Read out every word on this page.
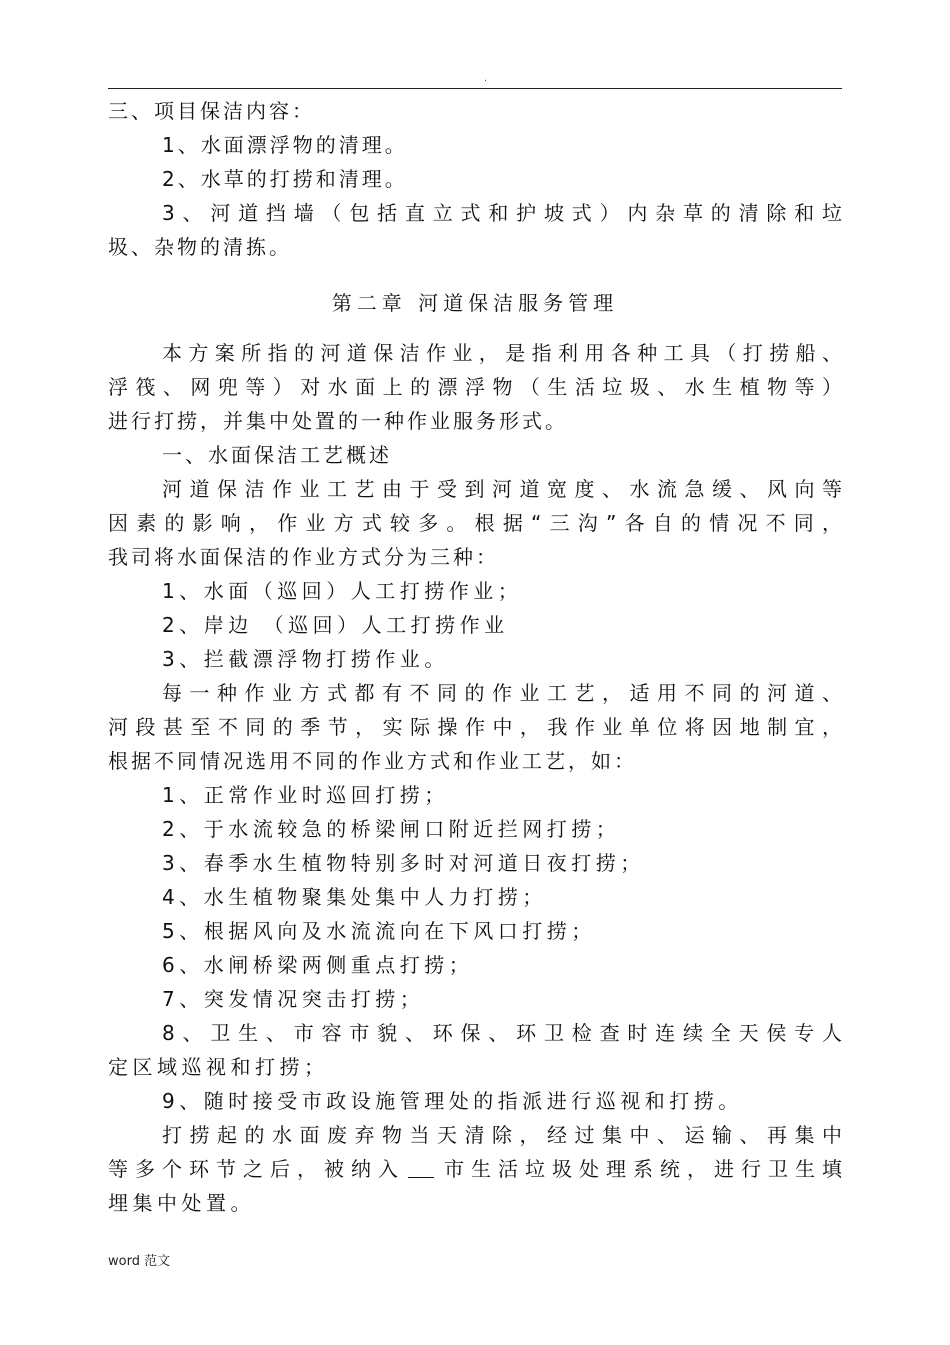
.

三、项目保洁内容：

1、水面漂浮物的清理。

2、水草的打捞和清理。

3、河道挡墙（包括直立式和护坡式）内杂草的清除和垃

圾、杂物的清拣。

第二章 河道保洁服务管理

本方案所指的河道保洁作业，是指利用各种工具（打捞船、

浮筏、网兜等）对水面上的漂浮物（生活垃圾、水生植物等）

进行打捞，并集中处置的一种作业服务形式。

一、水面保洁工艺概述

河道保洁作业工艺由于受到河道宽度、水流急缓、风向等

因素的影响，作业方式较多。根据“三沟”各自的情况不同，

我司将水面保洁的作业方式分为三种：

1、水面（巡回）人工打捞作业；

2、岸边 （巡回）人工打捞作业

3、拦截漂浮物打捞作业。

每一种作业方式都有不同的作业工艺，适用不同的河道、

河段甚至不同的季节，实际操作中，我作业单位将因地制宜，

根据不同情况选用不同的作业方式和作业工艺，如：

1、正常作业时巡回打捞；

2、于水流较急的桥梁闸口附近拦网打捞；

3、春季水生植物特别多时对河道日夜打捞；

4、水生植物聚集处集中人力打捞；

5、根据风向及水流流向在下风口打捞；

6、水闸桥梁两侧重点打捞；

7、突发情况突击打捞；

8、卫生、市容市貌、环保、环卫检查时连续全天侯专人

定区域巡视和打捞；

9、随时接受市政设施管理处的指派进行巡视和打捞。

打捞起的水面废弃物当天清除，经过集中、运输、再集中

等多个环节之后，被纳入 市生活垃圾处理系统，进行卫生填

埋集中处置。

word 范文
